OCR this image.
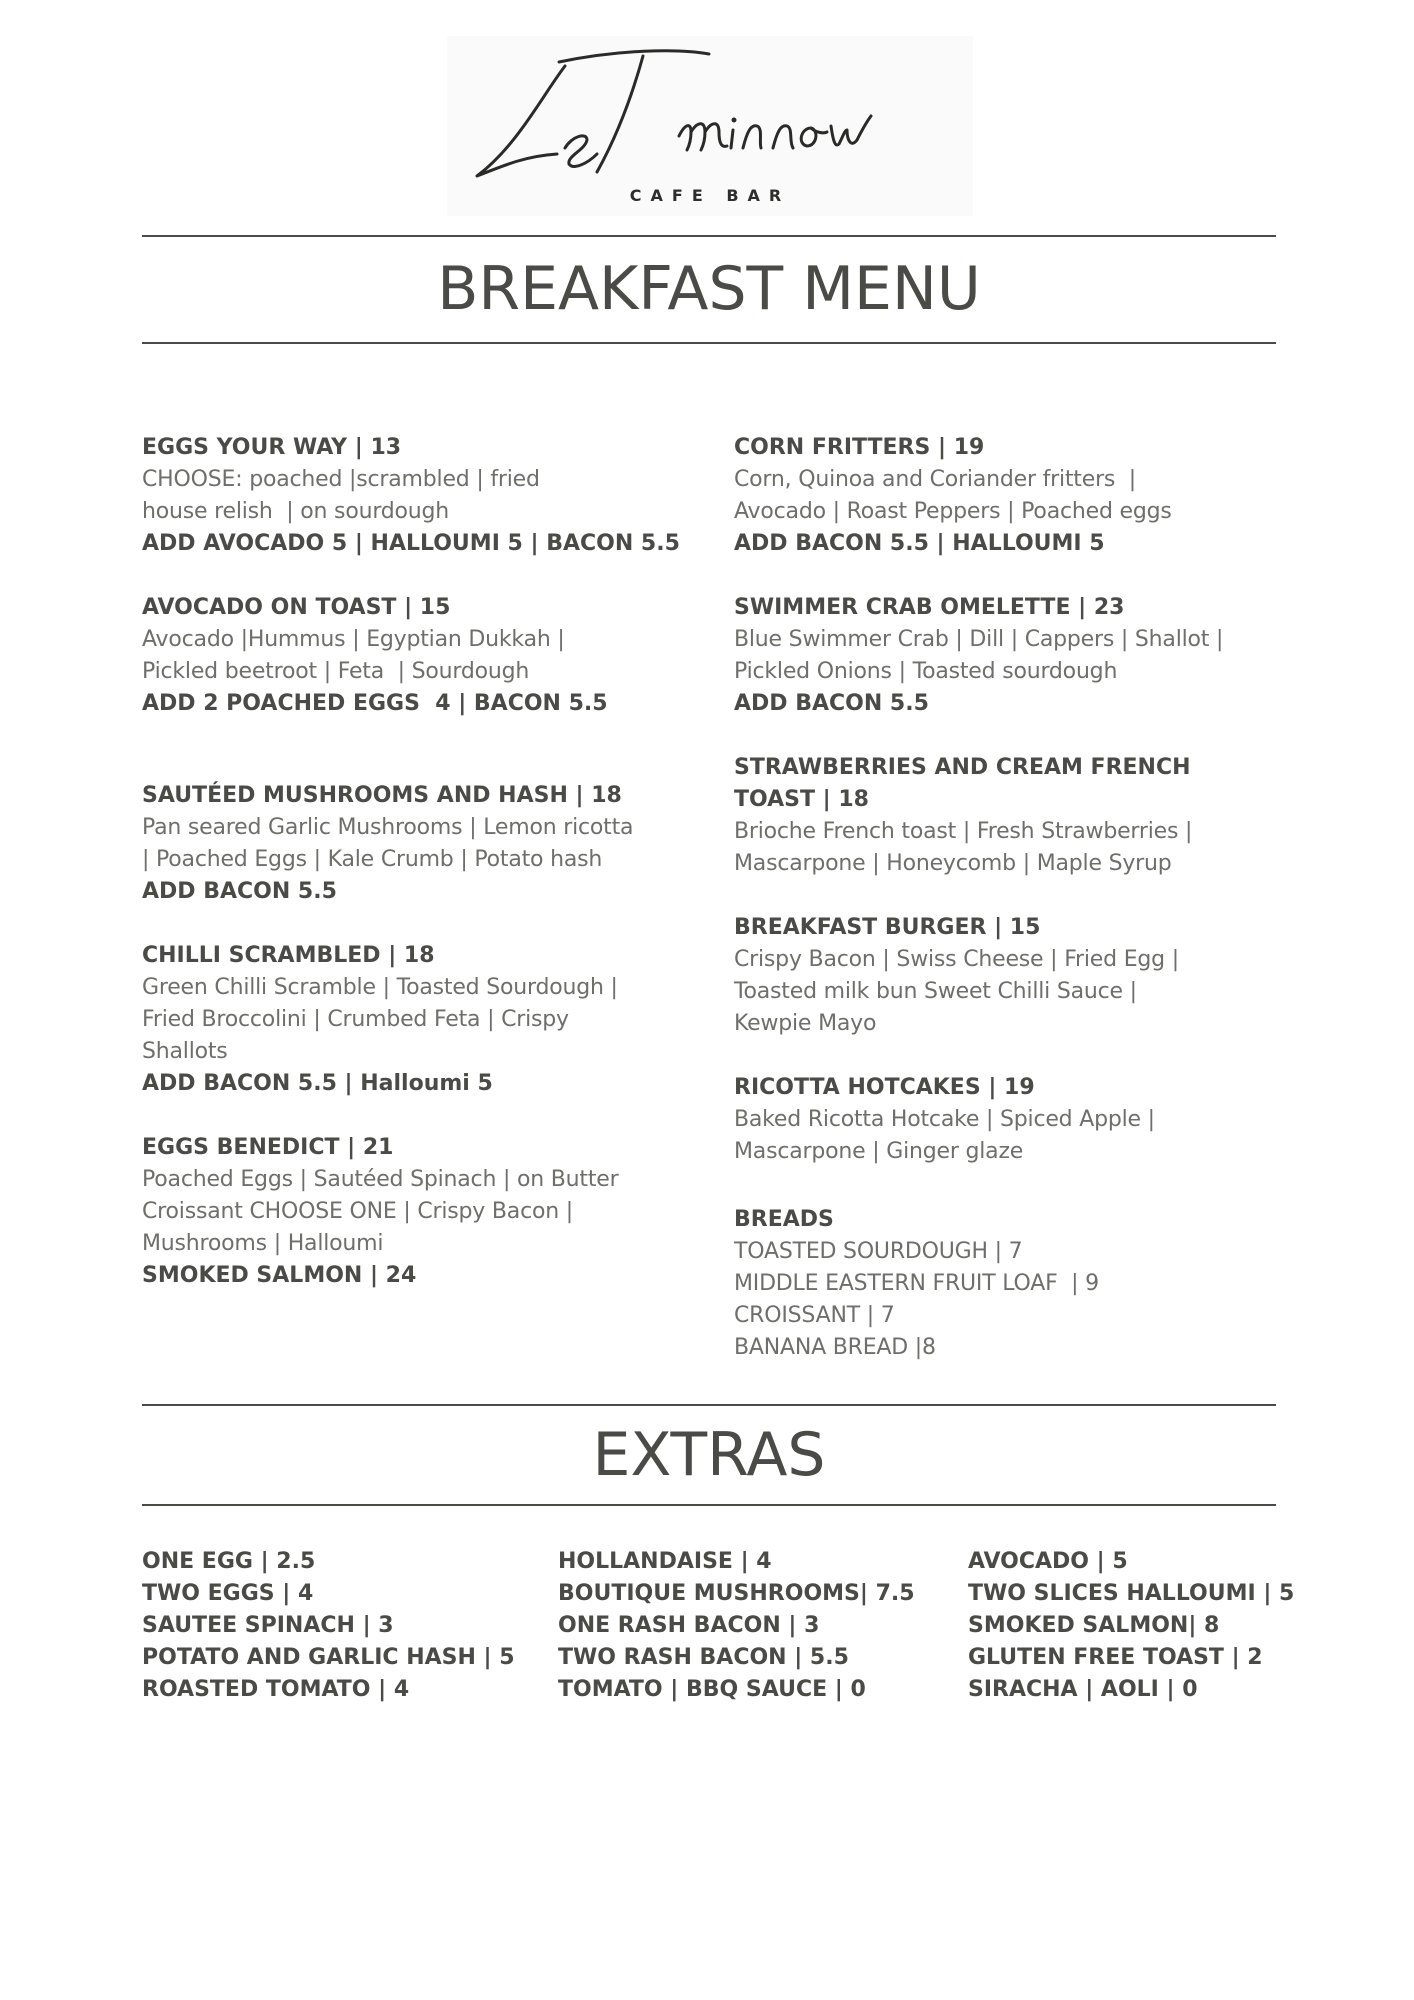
CAFE BAR
BREAKFAST MENU
EGGS YOUR WAY | 13
CHOOSE: poached |scrambled | fried
house relish  | on sourdough
ADD AVOCADO 5 | HALLOUMI 5 | BACON 5.5
AVOCADO ON TOAST | 15
Avocado |Hummus | Egyptian Dukkah |
Pickled beetroot | Feta  | Sourdough
ADD 2 POACHED EGGS  4 | BACON 5.5
SAUTÉED MUSHROOMS AND HASH | 18
Pan seared Garlic Mushrooms | Lemon ricotta
| Poached Eggs | Kale Crumb | Potato hash
ADD BACON 5.5
CHILLI SCRAMBLED | 18
Green Chilli Scramble | Toasted Sourdough |
Fried Broccolini | Crumbed Feta | Crispy
Shallots
ADD BACON 5.5 | Halloumi 5
EGGS BENEDICT | 21
Poached Eggs | Sautéed Spinach | on Butter
Croissant CHOOSE ONE | Crispy Bacon |
Mushrooms | Halloumi
SMOKED SALMON | 24
CORN FRITTERS | 19
Corn, Quinoa and Coriander fritters  |
Avocado | Roast Peppers | Poached eggs
ADD BACON 5.5 | HALLOUMI 5
SWIMMER CRAB OMELETTE | 23
Blue Swimmer Crab | Dill | Cappers | Shallot |
Pickled Onions | Toasted sourdough
ADD BACON 5.5
STRAWBERRIES AND CREAM FRENCH
TOAST | 18
Brioche French toast | Fresh Strawberries |
Mascarpone | Honeycomb | Maple Syrup
BREAKFAST BURGER | 15
Crispy Bacon | Swiss Cheese | Fried Egg |
Toasted milk bun Sweet Chilli Sauce |
Kewpie Mayo
RICOTTA HOTCAKES | 19
Baked Ricotta Hotcake | Spiced Apple |
Mascarpone | Ginger glaze
BREADS
TOASTED SOURDOUGH | 7
MIDDLE EASTERN FRUIT LOAF  | 9
CROISSANT | 7
BANANA BREAD |8
EXTRAS
ONE EGG | 2.5
TWO EGGS | 4
SAUTEE SPINACH | 3
POTATO AND GARLIC HASH | 5
ROASTED TOMATO | 4
HOLLANDAISE | 4
BOUTIQUE MUSHROOMS| 7.5
ONE RASH BACON | 3
TWO RASH BACON | 5.5
TOMATO | BBQ SAUCE | 0
AVOCADO | 5
TWO SLICES HALLOUMI | 5
SMOKED SALMON| 8
GLUTEN FREE TOAST | 2
SIRACHA | AOLI | 0
